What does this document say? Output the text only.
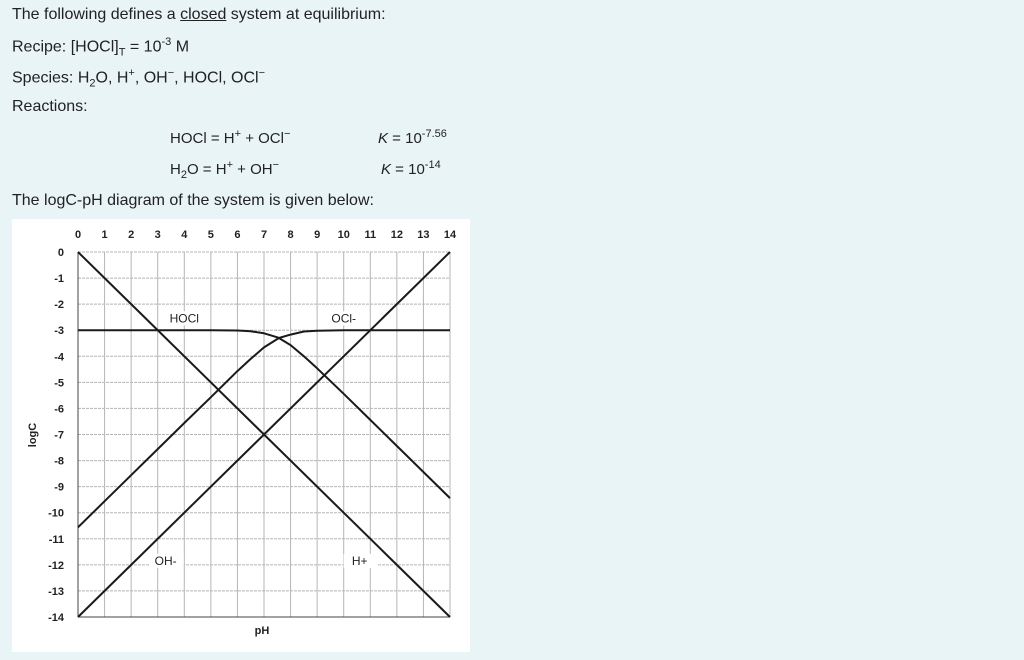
The following defines a closed system at equilibrium:
Recipe: $[HOCl]_T = 10^{-3}$ M
Species: $H_2O$, H+, OH−, HOCl, OCl−
Reactions:
HOCl = H+ + OCl−	$K = 10^{-7.56}$
$H_2O = H^+ + OH^-$	$K = 10^{-14}$
The logC-pH diagram of the system is given below:
0 1 2 3 4 5 6 7 8 9 10 11 12 13 14
0
-1
-2
-3
-4
-5
-6
-7
-8
-9
-10
-11
-12
-13
-14
HOCl	OCl-
OH-	H+
pH
logC
